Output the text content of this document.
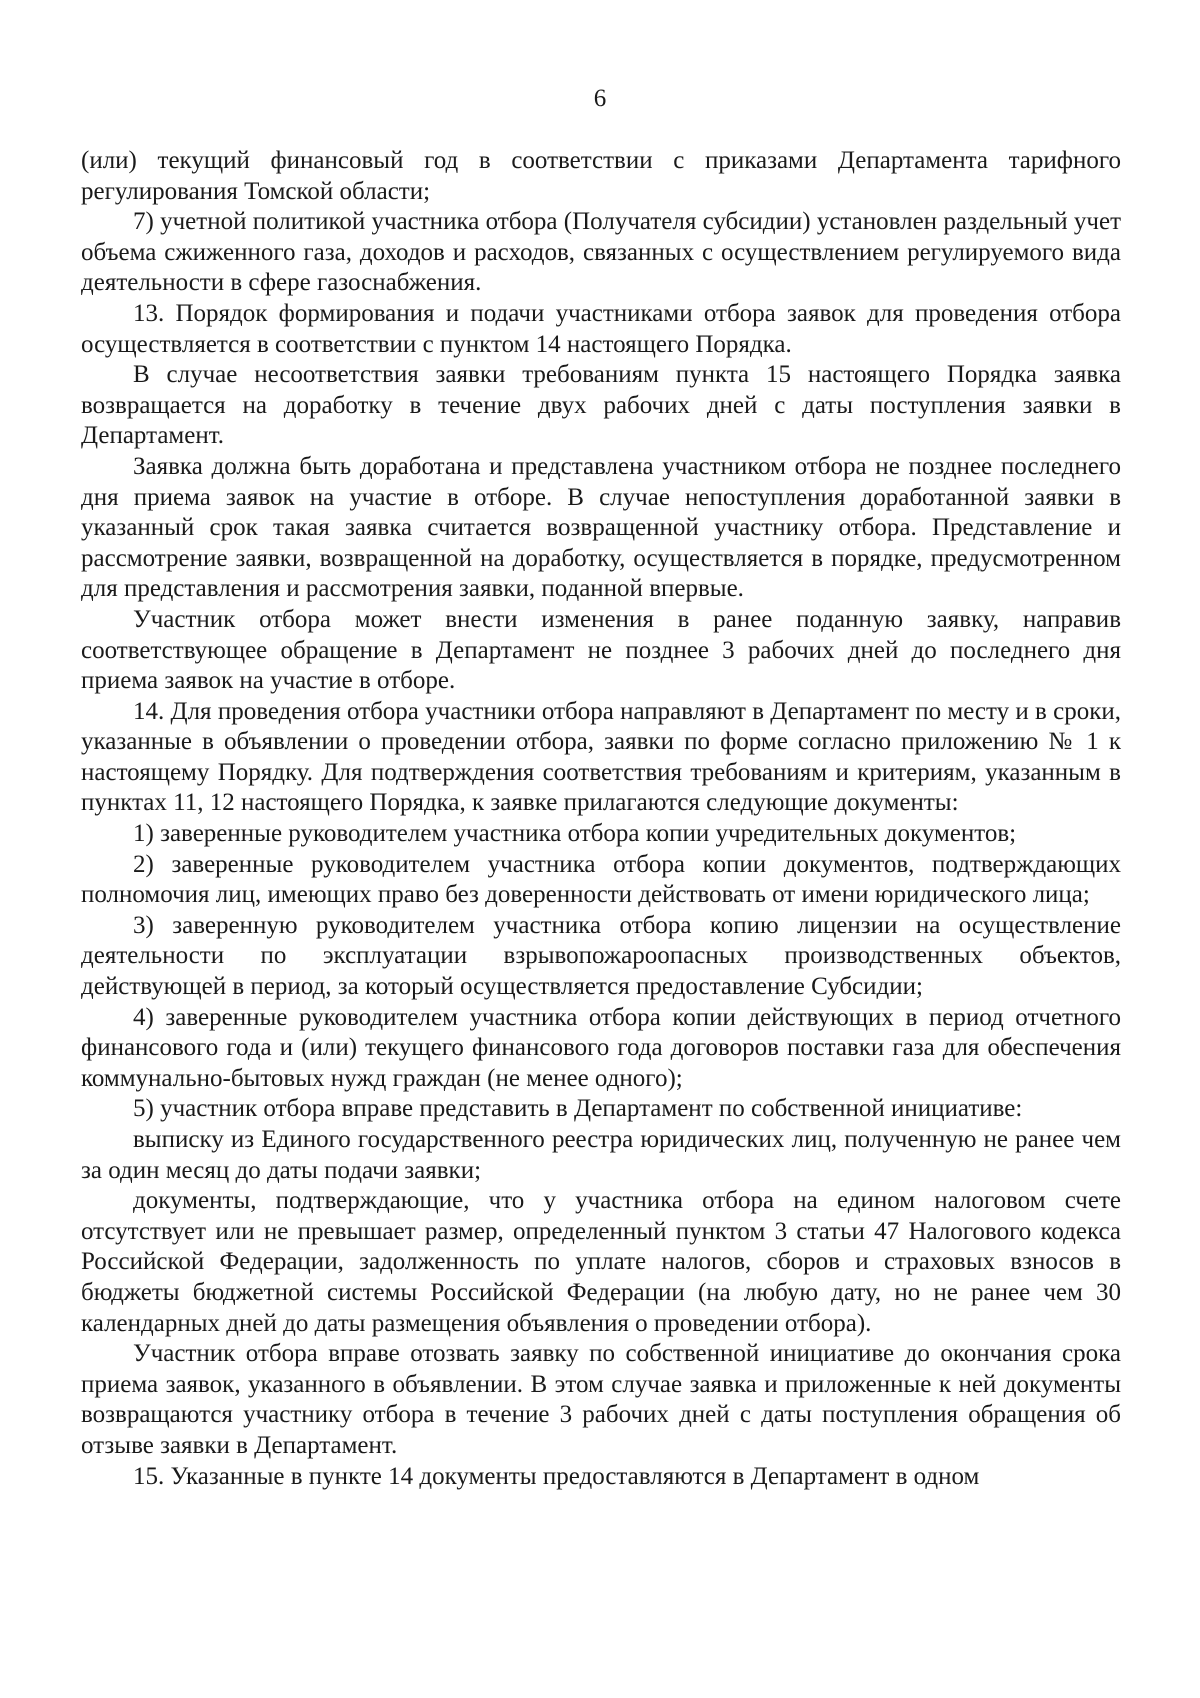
6

(или) текущий финансовый год в соответствии с приказами Департамента тарифного регулирования Томской области;

7) учетной политикой участника отбора (Получателя субсидии) установлен раздельный учет объема сжиженного газа, доходов и расходов, связанных с осуществлением регулируемого вида деятельности в сфере газоснабжения.

13. Порядок формирования и подачи участниками отбора заявок для проведения отбора осуществляется в соответствии с пунктом 14 настоящего Порядка.

В случае несоответствия заявки требованиям пункта 15 настоящего Порядка заявка возвращается на доработку в течение двух рабочих дней с даты поступления заявки в Департамент.

Заявка должна быть доработана и представлена участником отбора не позднее последнего дня приема заявок на участие в отборе. В случае непоступления доработанной заявки в указанный срок такая заявка считается возвращенной участнику отбора. Представление и рассмотрение заявки, возвращенной на доработку, осуществляется в порядке, предусмотренном для представления и рассмотрения заявки, поданной впервые.

Участник отбора может внести изменения в ранее поданную заявку, направив соответствующее обращение в Департамент не позднее 3 рабочих дней до последнего дня приема заявок на участие в отборе.

14. Для проведения отбора участники отбора направляют в Департамент по месту и в сроки, указанные в объявлении о проведении отбора, заявки по форме согласно приложению № 1 к настоящему Порядку. Для подтверждения соответствия требованиям и критериям, указанным в пунктах 11, 12 настоящего Порядка, к заявке прилагаются следующие документы:

1) заверенные руководителем участника отбора копии учредительных документов;

2) заверенные руководителем участника отбора копии документов, подтверждающих полномочия лиц, имеющих право без доверенности действовать от имени юридического лица;

3) заверенную руководителем участника отбора копию лицензии на осуществление деятельности по эксплуатации взрывопожароопасных производственных объектов, действующей в период, за который осуществляется предоставление Субсидии;

4) заверенные руководителем участника отбора копии действующих в период отчетного финансового года и (или) текущего финансового года договоров поставки газа для обеспечения коммунально-бытовых нужд граждан (не менее одного);

5) участник отбора вправе представить в Департамент по собственной инициативе:

выписку из Единого государственного реестра юридических лиц, полученную не ранее чем за один месяц до даты подачи заявки;

документы, подтверждающие, что у участника отбора на едином налоговом счете отсутствует или не превышает размер, определенный пунктом 3 статьи 47 Налогового кодекса Российской Федерации, задолженность по уплате налогов, сборов и страховых взносов в бюджеты бюджетной системы Российской Федерации (на любую дату, но не ранее чем 30 календарных дней до даты размещения объявления о проведении отбора).

Участник отбора вправе отозвать заявку по собственной инициативе до окончания срока приема заявок, указанного в объявлении. В этом случае заявка и приложенные к ней документы возвращаются участнику отбора в течение 3 рабочих дней с даты поступления обращения об отзыве заявки в Департамент.

15. Указанные в пункте 14 документы предоставляются в Департамент в одном
